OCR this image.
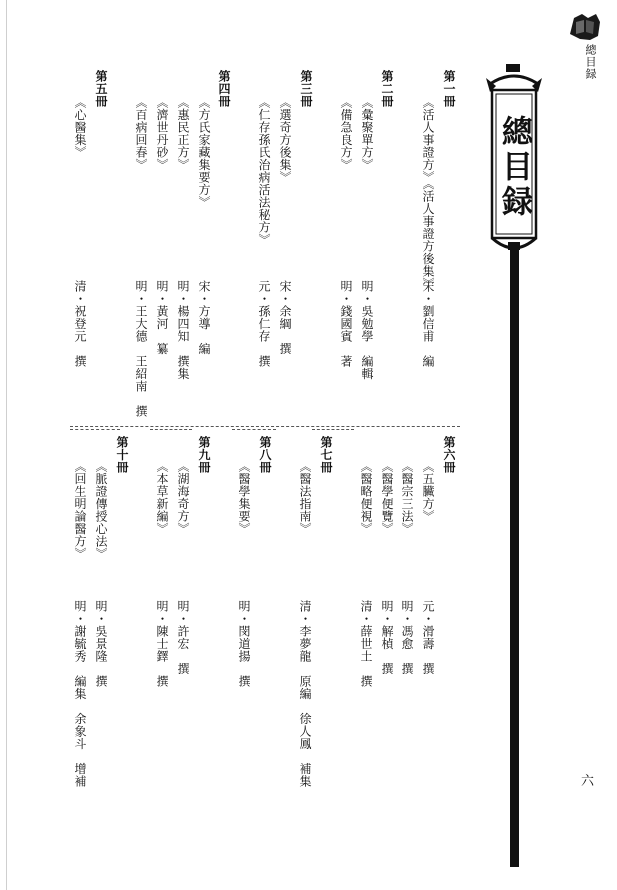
總目録
總目録
第一冊
《活人事證方》《活人事證方後集》
宋・劉信甫　編
第二冊
《彙聚單方》
明・吳勉學　編輯
《備急良方》
明・錢國賓　著
第三冊
《選奇方後集》
宋・余綱　撰
《仁存孫氏治病活法秘方》
元・孫仁存　撰
第四冊
《方氏家藏集要方》
宋・方導　編
《惠民正方》
明・楊四知　撰集
《濟世丹砂》
明・黃河　纂
《百病回春》
明・王大德　王紹南　撰
第五冊
《心醫集》
清・祝登元　撰
第六冊
《五臟方》
元・滑壽　撰
《醫宗三法》
明・馮愈　撰
《醫學便覽》
明・解楨　撰
《醫略便視》
清・薛世土　撰
第七冊
《醫法指南》
清・李夢龍　原編　徐人鳳　補集
第八冊
《醫學集要》
明・閔道揚　撰
第九冊
《湖海奇方》
明・許宏　撰
《本草新編》
明・陳士鐸　撰
第十冊
《脈證傳授心法》
明・吳景隆　撰
《回生明論醫方》
明・謝毓秀　編集　余象斗　增補	六
